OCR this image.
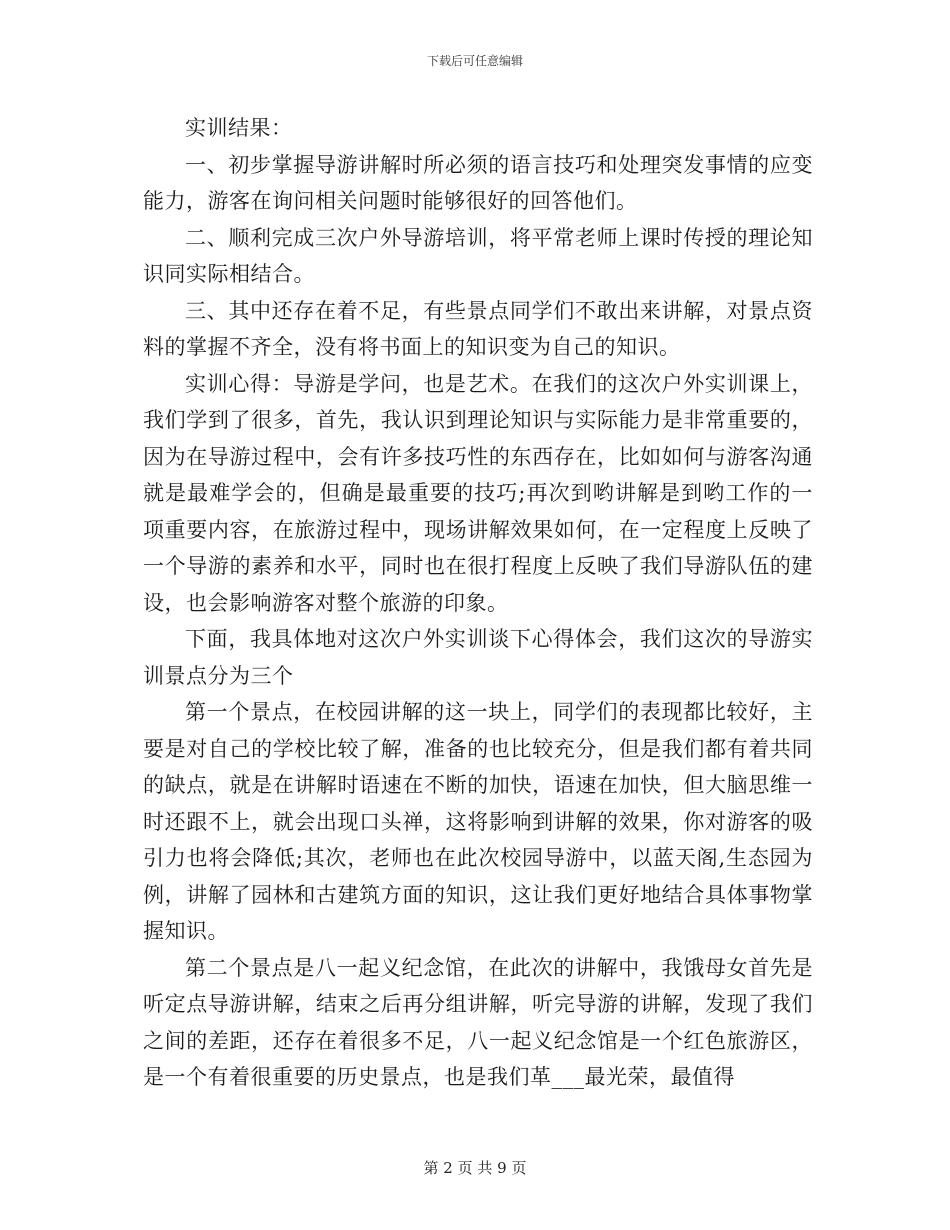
下载后可任意编辑

实训结果：

一、初步掌握导游讲解时所必须的语言技巧和处理突发事情的应变能力，游客在询问相关问题时能够很好的回答他们。

二、顺利完成三次户外导游培训，将平常老师上课时传授的理论知识同实际相结合。

三、其中还存在着不足，有些景点同学们不敢出来讲解，对景点资料的掌握不齐全，没有将书面上的知识变为自己的知识。

实训心得：导游是学问，也是艺术。在我们的这次户外实训课上，我们学到了很多，首先，我认识到理论知识与实际能力是非常重要的，因为在导游过程中，会有许多技巧性的东西存在，比如如何与游客沟通就是最难学会的，但确是最重要的技巧;再次到哟讲解是到哟工作的一项重要内容，在旅游过程中，现场讲解效果如何，在一定程度上反映了一个导游的素养和水平，同时也在很打程度上反映了我们导游队伍的建设，也会影响游客对整个旅游的印象。

下面，我具体地对这次户外实训谈下心得体会，我们这次的导游实训景点分为三个

第一个景点，在校园讲解的这一块上，同学们的表现都比较好，主要是对自己的学校比较了解，准备的也比较充分，但是我们都有着共同的缺点，就是在讲解时语速在不断的加快，语速在加快，但大脑思维一时还跟不上，就会出现口头禅，这将影响到讲解的效果，你对游客的吸引力也将会降低;其次，老师也在此次校园导游中，以蓝天阁,生态园为例，讲解了园林和古建筑方面的知识，这让我们更好地结合具体事物掌握知识。

第二个景点是八一起义纪念馆，在此次的讲解中，我饿母女首先是听定点导游讲解，结束之后再分组讲解，听完导游的讲解，发现了我们之间的差距，还存在着很多不足，八一起义纪念馆是一个红色旅游区，是一个有着很重要的历史景点，也是我们革___最光荣，最值得

第 2 页 共 9 页
